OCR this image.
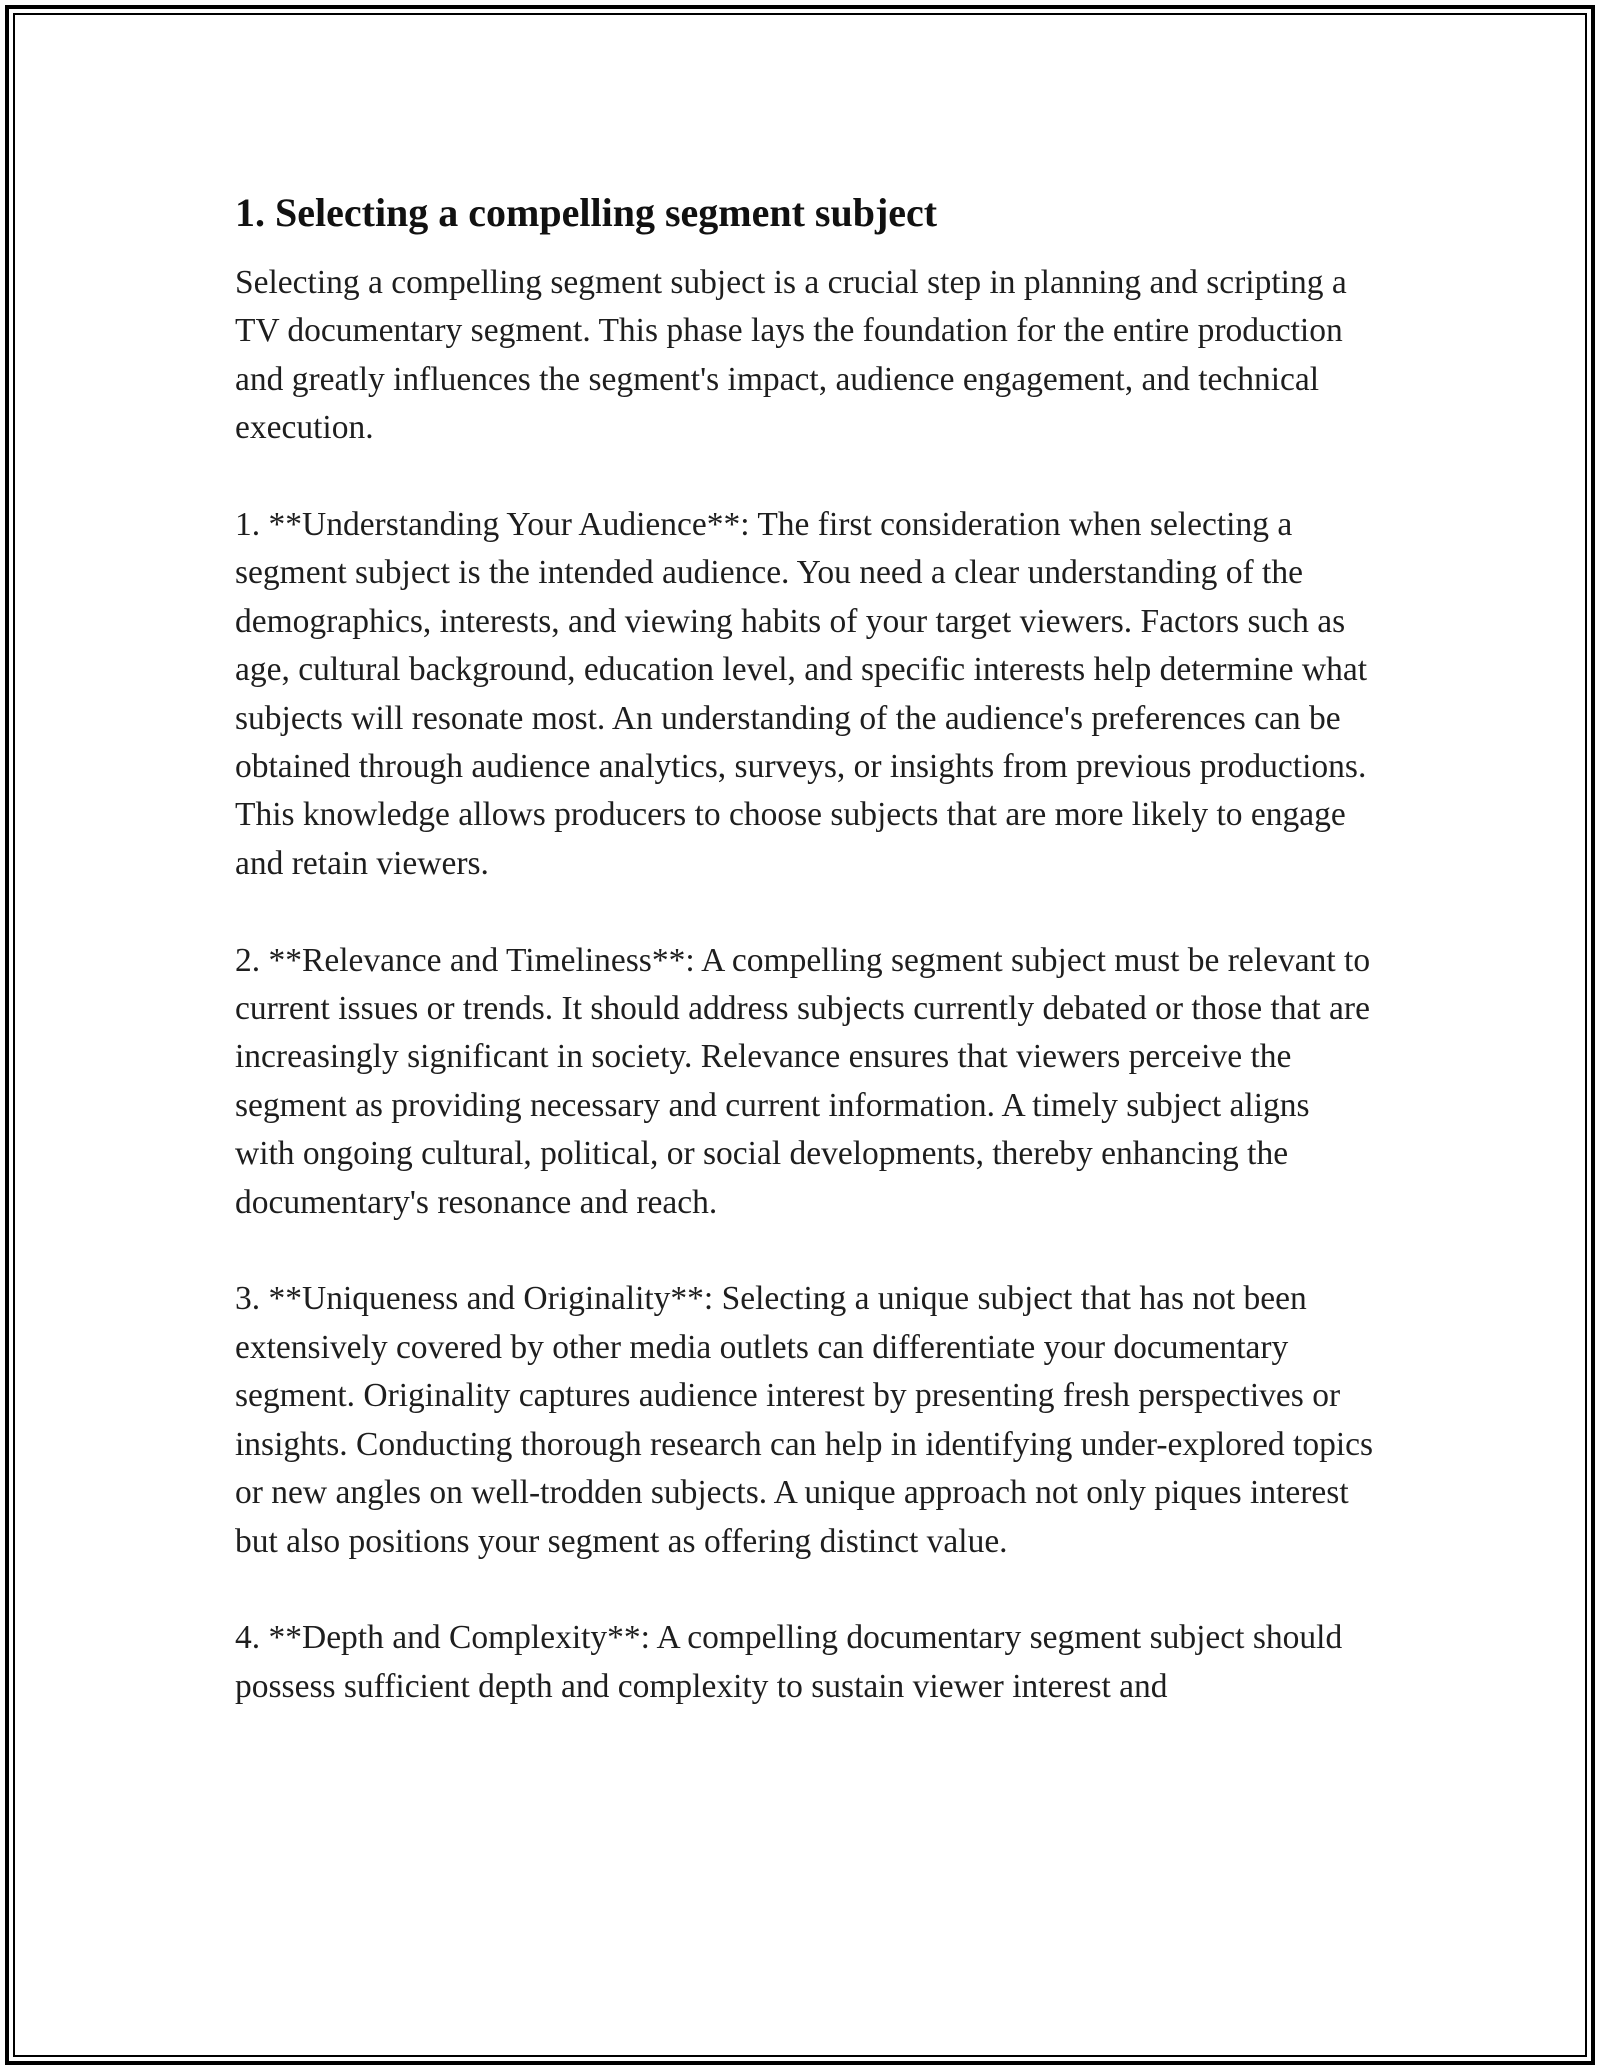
1. Selecting a compelling segment subject

Selecting a compelling segment subject is a crucial step in planning and scripting a TV documentary segment. This phase lays the foundation for the entire production and greatly influences the segment's impact, audience engagement, and technical execution.

1. **Understanding Your Audience**: The first consideration when selecting a segment subject is the intended audience. You need a clear understanding of the demographics, interests, and viewing habits of your target viewers. Factors such as age, cultural background, education level, and specific interests help determine what subjects will resonate most. An understanding of the audience's preferences can be obtained through audience analytics, surveys, or insights from previous productions. This knowledge allows producers to choose subjects that are more likely to engage and retain viewers.

2. **Relevance and Timeliness**: A compelling segment subject must be relevant to current issues or trends. It should address subjects currently debated or those that are increasingly significant in society. Relevance ensures that viewers perceive the segment as providing necessary and current information. A timely subject aligns with ongoing cultural, political, or social developments, thereby enhancing the documentary's resonance and reach.

3. **Uniqueness and Originality**: Selecting a unique subject that has not been extensively covered by other media outlets can differentiate your documentary segment. Originality captures audience interest by presenting fresh perspectives or insights. Conducting thorough research can help in identifying under-explored topics or new angles on well-trodden subjects. A unique approach not only piques interest but also positions your segment as offering distinct value.

4. **Depth and Complexity**: A compelling documentary segment subject should possess sufficient depth and complexity to sustain viewer interest and
